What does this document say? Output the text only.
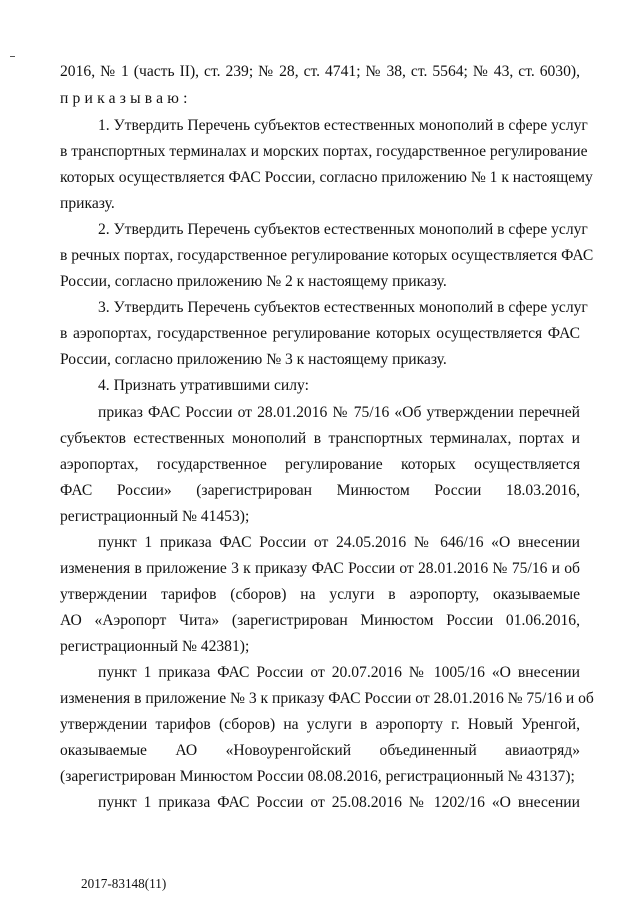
2016, № 1 (часть II), ст. 239; № 28, ст. 4741; № 38, ст. 5564; № 43, ст. 6030),
приказываю:
1. Утвердить Перечень субъектов естественных монополий в сфере услуг
в транспортных терминалах и морских портах, государственное регулирование
которых осуществляется ФАС России, согласно приложению № 1 к настоящему
приказу.
2. Утвердить Перечень субъектов естественных монополий в сфере услуг
в речных портах, государственное регулирование которых осуществляется ФАС
России, согласно приложению № 2 к настоящему приказу.
3. Утвердить Перечень субъектов естественных монополий в сфере услуг
в аэропортах, государственное регулирование которых осуществляется ФАС
России, согласно приложению № 3 к настоящему приказу.
4. Признать утратившими силу:
приказ ФАС России от 28.01.2016 № 75/16 «Об утверждении перечней
субъектов естественных монополий в транспортных терминалах, портах и
аэропортах, государственное регулирование которых осуществляется
ФАС России» (зарегистрирован Минюстом России 18.03.2016,
регистрационный № 41453);
пункт 1 приказа ФАС России от 24.05.2016 № 646/16 «О внесении
изменения в приложение 3 к приказу ФАС России от 28.01.2016 № 75/16 и об
утверждении тарифов (сборов) на услуги в аэропорту, оказываемые
АО «Аэропорт Чита» (зарегистрирован Минюстом России 01.06.2016,
регистрационный № 42381);
пункт 1 приказа ФАС России от 20.07.2016 № 1005/16 «О внесении
изменения в приложение № 3 к приказу ФАС России от 28.01.2016 № 75/16 и об
утверждении тарифов (сборов) на услуги в аэропорту г. Новый Уренгой,
оказываемые АО «Новоуренгойский объединенный авиаотряд»
(зарегистрирован Минюстом России 08.08.2016, регистрационный № 43137);
пункт 1 приказа ФАС России от 25.08.2016 № 1202/16 «О внесении
2017-83148(11)
